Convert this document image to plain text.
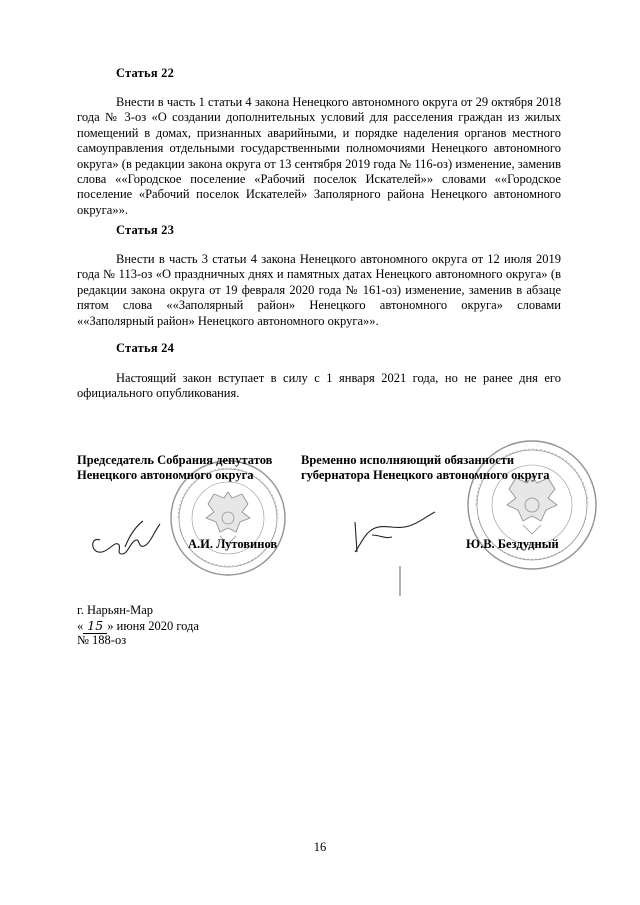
Статья 22

Внести в часть 1 статьи 4 закона Ненецкого автономного округа от 29 октября 2018 года № 3-оз «О создании дополнительных условий для расселения граждан из жилых помещений в домах, признанных аварийными, и порядке наделения органов местного самоуправления отдельными государственными полномочиями Ненецкого автономного округа» (в редакции закона округа от 13 сентября 2019 года № 116-оз) изменение, заменив слова ««Городское поселение «Рабочий поселок Искателей»» словами ««Городское поселение «Рабочий поселок Искателей» Заполярного района Ненецкого автономного округа»».

Статья 23

Внести в часть 3 статьи 4 закона Ненецкого автономного округа от 12 июля 2019 года № 113-оз «О праздничных днях и памятных датах Ненецкого автономного округа» (в редакции закона округа от 19 февраля 2020 года № 161-оз) изменение, заменив в абзаце пятом слова ««Заполярный район» Ненецкого автономного округа» словами ««Заполярный район» Ненецкого автономного округа»».

Статья 24

Настоящий закон вступает в силу с 1 января 2021 года, но не ранее дня его официального опубликования.

Председатель Собрания депутатов
Ненецкого автономного округа
Временно исполняющий обязанности
губернатора Ненецкого автономного округа
А.И. Лутовинов	Ю.В. Бездудный
г. Нарьян-Мар
« 15 » июня 2020 года
№ 188-оз
16
